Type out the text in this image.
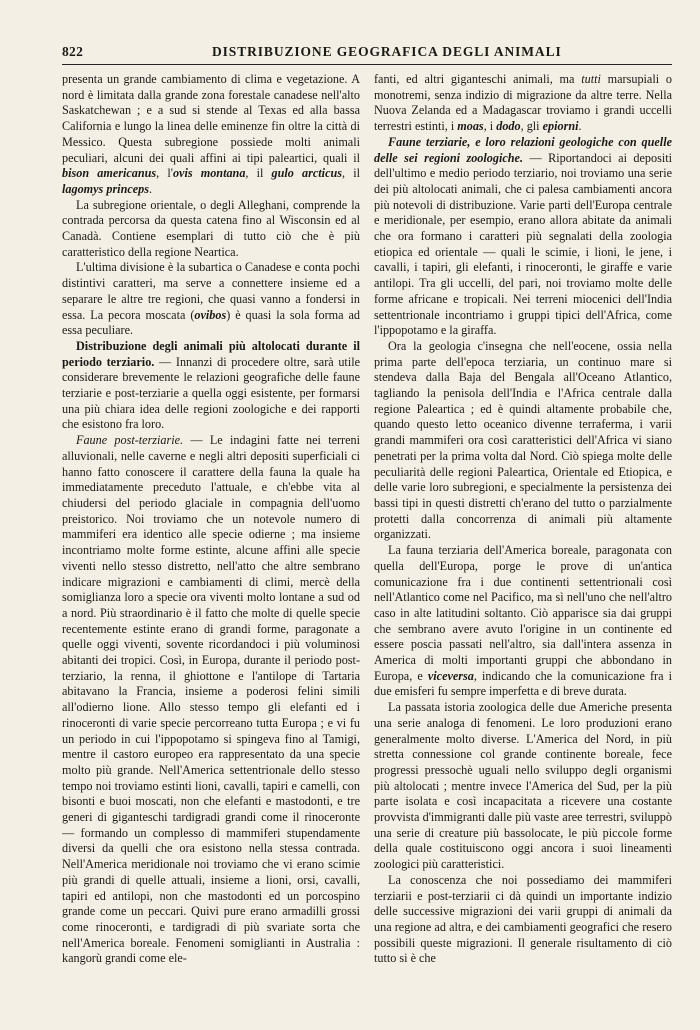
822	DISTRIBUZIONE GEOGRAFICA DEGLI ANIMALI

presenta un grande cambiamento di clima e vegetazione. A nord è limitata dalla grande zona forestale canadese nell'alto Saskatchewan ; e a sud si stende al Texas ed alla bassa California e lungo la linea delle eminenze fin oltre la città di Messico. Questa subregione possiede molti animali peculiari, alcuni dei quali affini ai tipi paleartici, quali il bison americanus, l'ovis montana, il gulo arcticus, il lagomys princeps.

La subregione orientale, o degli Alleghani, comprende la contrada percorsa da questa catena fino al Wisconsin ed al Canadà. Contiene esemplari di tutto ciò che è più caratteristico della regione Neartica.

L'ultima divisione è la subartica o Canadese e conta pochi distintivi caratteri, ma serve a connettere insieme ed a separare le altre tre regioni, che quasi vanno a fondersi in essa. La pecora moscata (ovibos) è quasi la sola forma ad essa peculiare.

Distribuzione degli animali più altolocati durante il periodo terziario. — Innanzi di procedere oltre, sarà utile considerare brevemente le relazioni geografiche delle faune terziarie e post-terziarie a quella oggi esistente, per formarsi una più chiara idea delle regioni zoologiche e dei rapporti che esistono fra loro.

Faune post-terziarie. — Le indagini fatte nei terreni alluvionali, nelle caverne e negli altri depositi superficiali ci hanno fatto conoscere il carattere della fauna la quale ha immediatamente preceduto l'attuale, e ch'ebbe vita al chiudersi del periodo glaciale in compagnia dell'uomo preistorico. Noi troviamo che un notevole numero di mammiferi era identico alle specie odierne ; ma insieme incontriamo molte forme estinte, alcune affini alle specie viventi nello stesso distretto, nell'atto che altre sembrano indicare migrazioni e cambiamenti di climi, mercè della somiglianza loro a specie ora viventi molto lontane a sud od a nord. Più straordinario è il fatto che molte di quelle specie recentemente estinte erano di grandi forme, paragonate a quelle oggi viventi, sovente ricordandoci i più voluminosi abitanti dei tropici. Così, in Europa, durante il periodo post-terziario, la renna, il ghiottone e l'antilope di Tartaria abitavano la Francia, insieme a poderosi felini simili all'odierno lione. Allo stesso tempo gli elefanti ed i rinoceronti di varie specie percorreano tutta Europa ; e vi fu un periodo in cui l'ippopotamo si spingeva fino al Tamigi, mentre il castoro europeo era rappresentato da una specie molto più grande. Nell'America settentrionale dello stesso tempo noi troviamo estinti lioni, cavalli, tapiri e camelli, con bisonti e buoi moscati, non che elefanti e mastodonti, e tre generi di giganteschi tardigradi grandi come il rinoceronte — formando un complesso di mammiferi stupendamente diversi da quelli che ora esistono nella stessa contrada. Nell'America meridionale noi troviamo che vi erano scimie più grandi di quelle attuali, insieme a lioni, orsi, cavalli, tapiri ed antilopi, non che mastodonti ed un porcospino grande come un peccari. Quivi pure erano armadilli grossi come rinoceronti, e tardigradi di più svariate sorta che nell'America boreale. Fenomeni somiglianti in Australia : kangorù grandi come ele-

fanti, ed altri giganteschi animali, ma tutti marsupiali o monotremi, senza indizio di migrazione da altre terre. Nella Nuova Zelanda ed a Madagascar troviamo i grandi uccelli terrestri estinti, i moas, i dodo, gli epiorni.

Faune terziarie, e loro relazioni geologiche con quelle delle sei regioni zoologiche. — Riportandoci ai depositi dell'ultimo e medio periodo terziario, noi troviamo una serie dei più altolocati animali, che ci palesa cambiamenti ancora più notevoli di distribuzione. Varie parti dell'Europa centrale e meridionale, per esempio, erano allora abitate da animali che ora formano i caratteri più segnalati della zoologia etiopica ed orientale — quali le scimie, i lioni, le jene, i cavalli, i tapiri, gli elefanti, i rinoceronti, le giraffe e varie antilopi. Tra gli uccelli, del pari, noi troviamo molte delle forme africane e tropicali. Nei terreni miocenici dell'India settentrionale incontriamo i gruppi tipici dell'Africa, come l'ippopotamo e la giraffa.

Ora la geologia c'insegna che nell'eocene, ossia nella prima parte dell'epoca terziaria, un continuo mare si stendeva dalla Baja del Bengala all'Oceano Atlantico, tagliando la penisola dell'India e l'Africa centrale dalla regione Paleartica ; ed è quindi altamente probabile che, quando questo letto oceanico divenne terraferma, i varii grandi mammiferi ora così caratteristici dell'Africa vi siano penetrati per la prima volta dal Nord. Ciò spiega molte delle peculiarità delle regioni Paleartica, Orientale ed Etiopica, e delle varie loro subregioni, e specialmente la persistenza dei bassi tipi in questi distretti ch'erano del tutto o parzialmente protetti dalla concorrenza di animali più altamente organizzati.

La fauna terziaria dell'America boreale, paragonata con quella dell'Europa, porge le prove di un'antica comunicazione fra i due continenti settentrionali così nell'Atlantico come nel Pacifico, ma sì nell'uno che nell'altro caso in alte latitudini soltanto. Ciò apparisce sia dai gruppi che sembrano avere avuto l'origine in un continente ed essere poscia passati nell'altro, sia dall'intera assenza in America di molti importanti gruppi che abbondano in Europa, e viceversa, indicando che la comunicazione fra i due emisferi fu sempre imperfetta e di breve durata.

La passata istoria zoologica delle due Americhe presenta una serie analoga di fenomeni. Le loro produzioni erano generalmente molto diverse. L'America del Nord, in più stretta connessione col grande continente boreale, fece progressi pressochè uguali nello sviluppo degli organismi più altolocati ; mentre invece l'America del Sud, per la più parte isolata e così incapacitata a ricevere una costante provvista d'immigranti dalle più vaste aree terrestri, sviluppò una serie di creature più bassolocate, le più piccole forme della quale costituiscono oggi ancora i suoi lineamenti zoologici più caratteristici.

La conoscenza che noi possediamo dei mammiferi terziarii e post-terziarii ci dà quindi un importante indizio delle successive migrazioni dei varii gruppi di animali da una regione ad altra, e dei cambiamenti geografici che resero possibili queste migrazioni. Il generale risultamento di ciò tutto si è che
